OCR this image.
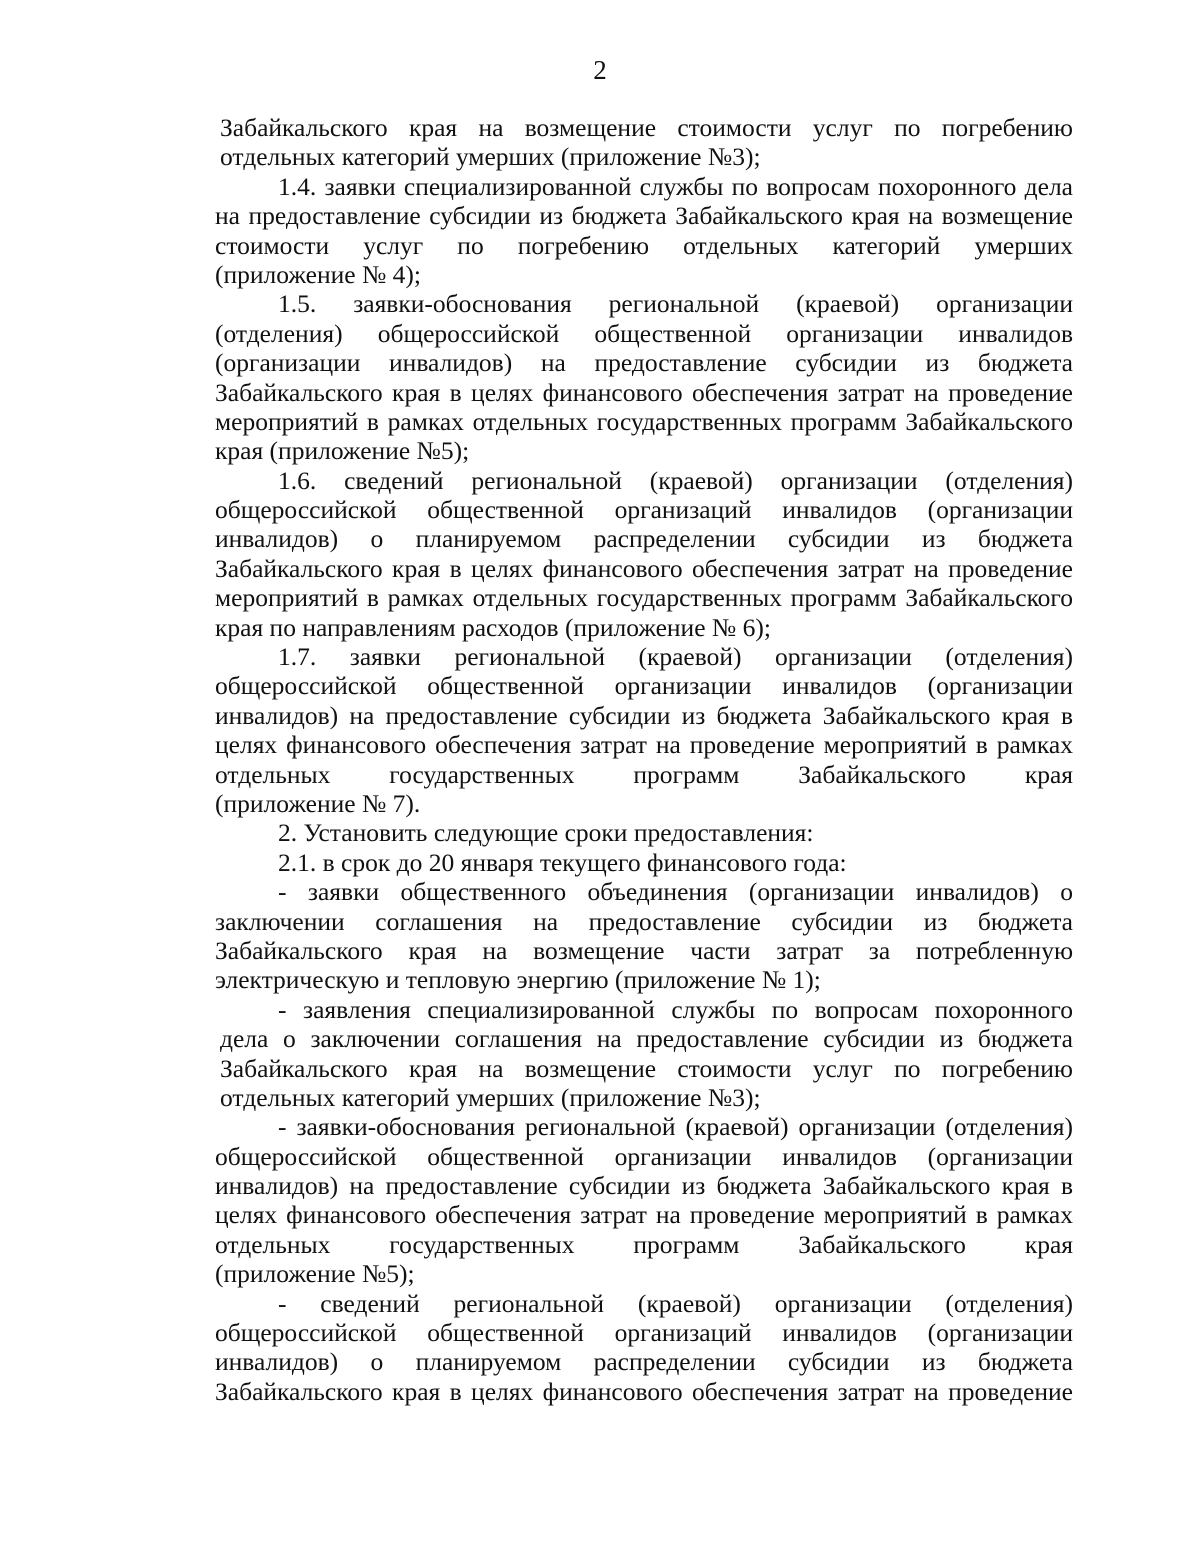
2
Забайкальского края на возмещение стоимости услуг по погребению
отдельных категорий умерших (приложение №3);
1.4. заявки специализированной службы по вопросам похоронного дела
на предоставление субсидии из бюджета Забайкальского края на возмещение
стоимости услуг по погребению отдельных категорий умерших
(приложение № 4);
1.5. заявки-обоснования региональной (краевой) организации
(отделения) общероссийской общественной организации инвалидов
(организации инвалидов) на предоставление субсидии из бюджета
Забайкальского края в целях финансового обеспечения затрат на проведение
мероприятий в рамках отдельных государственных программ Забайкальского
края (приложение №5);
1.6. сведений региональной (краевой) организации (отделения)
общероссийской общественной организаций инвалидов (организации
инвалидов) о планируемом распределении субсидии из бюджета
Забайкальского края в целях финансового обеспечения затрат на проведение
мероприятий в рамках отдельных государственных программ Забайкальского
края по направлениям расходов (приложение № 6);
1.7. заявки региональной (краевой) организации (отделения)
общероссийской общественной организации инвалидов (организации
инвалидов) на предоставление субсидии из бюджета Забайкальского края в
целях финансового обеспечения затрат на проведение мероприятий в рамках
отдельных государственных программ Забайкальского края
(приложение № 7).
2. Установить следующие сроки предоставления:
2.1. в срок до 20 января текущего финансового года:
- заявки общественного объединения (организации инвалидов) о
заключении соглашения на предоставление субсидии из бюджета
Забайкальского края на возмещение части затрат за потребленную
электрическую и тепловую энергию (приложение № 1);
- заявления специализированной службы по вопросам похоронного
дела о заключении соглашения на предоставление субсидии из бюджета
Забайкальского края на возмещение стоимости услуг по погребению
отдельных категорий умерших (приложение №3);
- заявки-обоснования региональной (краевой) организации (отделения)
общероссийской общественной организации инвалидов (организации
инвалидов) на предоставление субсидии из бюджета Забайкальского края в
целях финансового обеспечения затрат на проведение мероприятий в рамках
отдельных государственных программ Забайкальского края
(приложение №5);
- сведений региональной (краевой) организации (отделения)
общероссийской общественной организаций инвалидов (организации
инвалидов) о планируемом распределении субсидии из бюджета
Забайкальского края в целях финансового обеспечения затрат на проведение
